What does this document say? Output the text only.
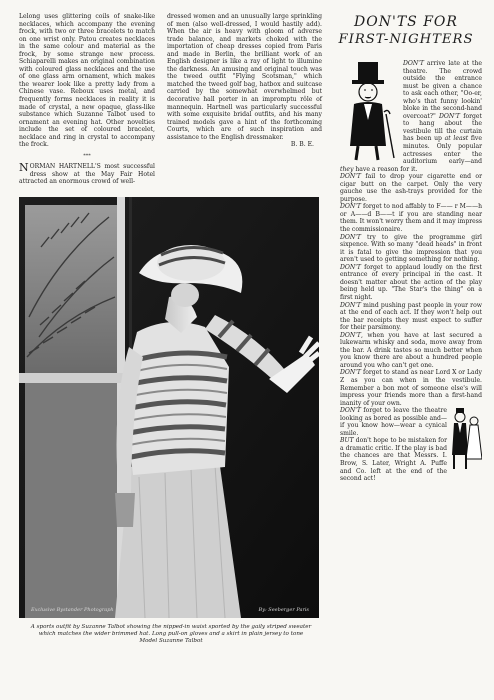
Lelong uses glittering coils of snake-like necklaces, which accompany the evening frock, with two or three bracelets to match on one wrist only. Patou creates necklaces in the same colour and material as the frock, by some strange new process. Schiaparelli makes an original combination with coloured glass necklaces and the use of one glass arm ornament, which makes the wearer look like a pretty lady from a Chinese vase. Reboux uses metal, and frequently forms necklaces in reality it is made of crystal, a new opaque, glass-like substance which Suzanne Talbot used to ornament an evening hat. Other novelties include the set of coloured bracelet, necklace and ring in crystal to accompany the frock.

***

NORMAN HARTNELL'S most successful dress show at the May Fair Hotel attracted an enormous crowd of well-

dressed women and an unusually large sprinkling of men (also well-dressed, I would hastily add). When the air is heavy with gloom of adverse trade balance, and markets choked with the importation of cheap dresses copied from Paris and made in Berlin, the brilliant work of an English designer is like a ray of light to illumine the darkness. An amusing and original touch was the tweed outfit "Flying Scotsman," which matched the tweed golf bag, hatbox and suitcase carried by the somewhat overwhelmed but decorative hall porter in an impromptu rôle of mannequin. Hartnell was particularly successful with some exquisite bridal outfits, and his many trained models gave a hint of the forthcoming Courts, which are of such inspiration and assistance to the English dressmaker.

B. B. E.
Exclusive Bystander Photograph	By: Seeberger Paris
A sports outfit by Suzanne Talbot showing the nipped-in waist sported by the gaily striped sweater which matches the wider brimmed hat. Long pull-on gloves and a skirt in plain jersey to tone Model Suzanne Talbot
DON'TS FOR
FIRST-NIGHTERS
DON'T arrive late at the theatre. The crowd outside the entrance must be given a chance to ask each other, "Oo-er, who's that funny lookin' bloke in the second-hand overcoat?" DON'T forget to hang about the vestibule till the curtain has been up at least five minutes. Only popular actresses enter the auditorium early—and they have a reason for it.
DON'T fail to drop your cigarette end or cigar butt on the carpet. Only the very gauche use the ash-trays provided for the purpose.
DON'T forget to nod affably to F—— r M——h or A——d B——t if you are standing near them. It won't worry them and it may impress the commissionaire.
DON'T try to give the programme girl sixpence. With so many "dead heads" in front it is fatal to give the impression that you aren't used to getting something for nothing.
DON'T forget to applaud loudly on the first entrance of every principal in the cast. It doesn't matter about the action of the play being held up. "The Star's the thing" on a first night.
DON'T mind pushing past people in your row at the end of each act. If they won't help out the bar receipts they must expect to suffer for their parsimony.
DON'T, when you have at last secured a lukewarm whisky and soda, move away from the bar. A drink tastes so much better when you know there are about a hundred people around you who can't get one.
DON'T forget to stand as near Lord X or Lady Z as you can when in the vestibule. Remember a bon mot of someone else's will impress your friends more than a first-hand inanity of your own.

DON'T forget to leave the theatre looking as bored as possible and—if you know how—wear a cynical smile.
BUT don't hope to be mistaken for a dramatic critic. If the play is bad the chances are that Messrs. I. Brow, S. Later, Wright A. Puffe and Co. left at the end of the second act!
